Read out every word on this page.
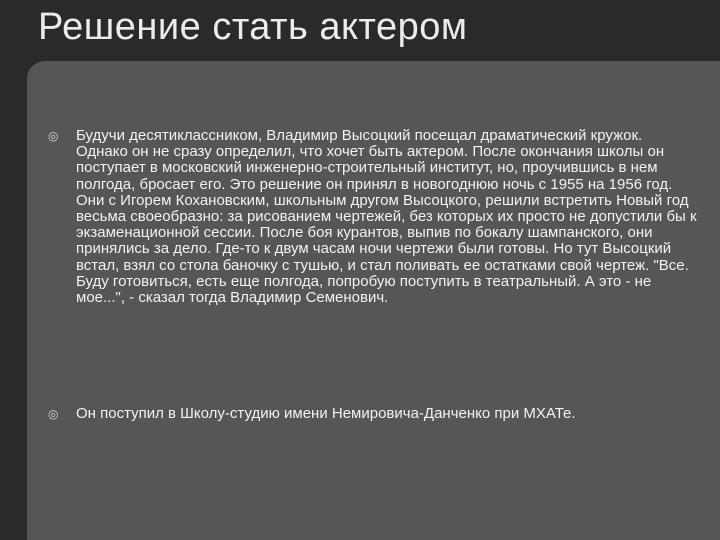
Решение стать актером
◎	Будучи десятиклассником, Владимир Высоцкий посещал драматический кружок. Однако он не сразу определил, что хочет быть актером. После окончания школы он поступает в московский инженерно-строительный институт, но, проучившись в нем полгода, бросает его. Это решение он принял в новогоднюю ночь с 1955 на 1956 год. Они с Игорем Кохановским, школьным другом Высоцкого, решили встретить Новый год весьма своеобразно: за рисованием чертежей, без которых их просто не допустили бы к экзаменационной сессии. После боя курантов, выпив по бокалу шампанского, они принялись за дело. Где-то к двум часам ночи чертежи были готовы. Но тут Высоцкий встал, взял со стола баночку с тушью, и стал поливать ее остатками свой чертеж. "Все. Буду готовиться, есть еще полгода, попробую поступить в театральный. А это - не мое...", - сказал тогда Владимир Семенович.

◎	Он поступил в Школу-студию имени Немировича-Данченко при МХАТе.
